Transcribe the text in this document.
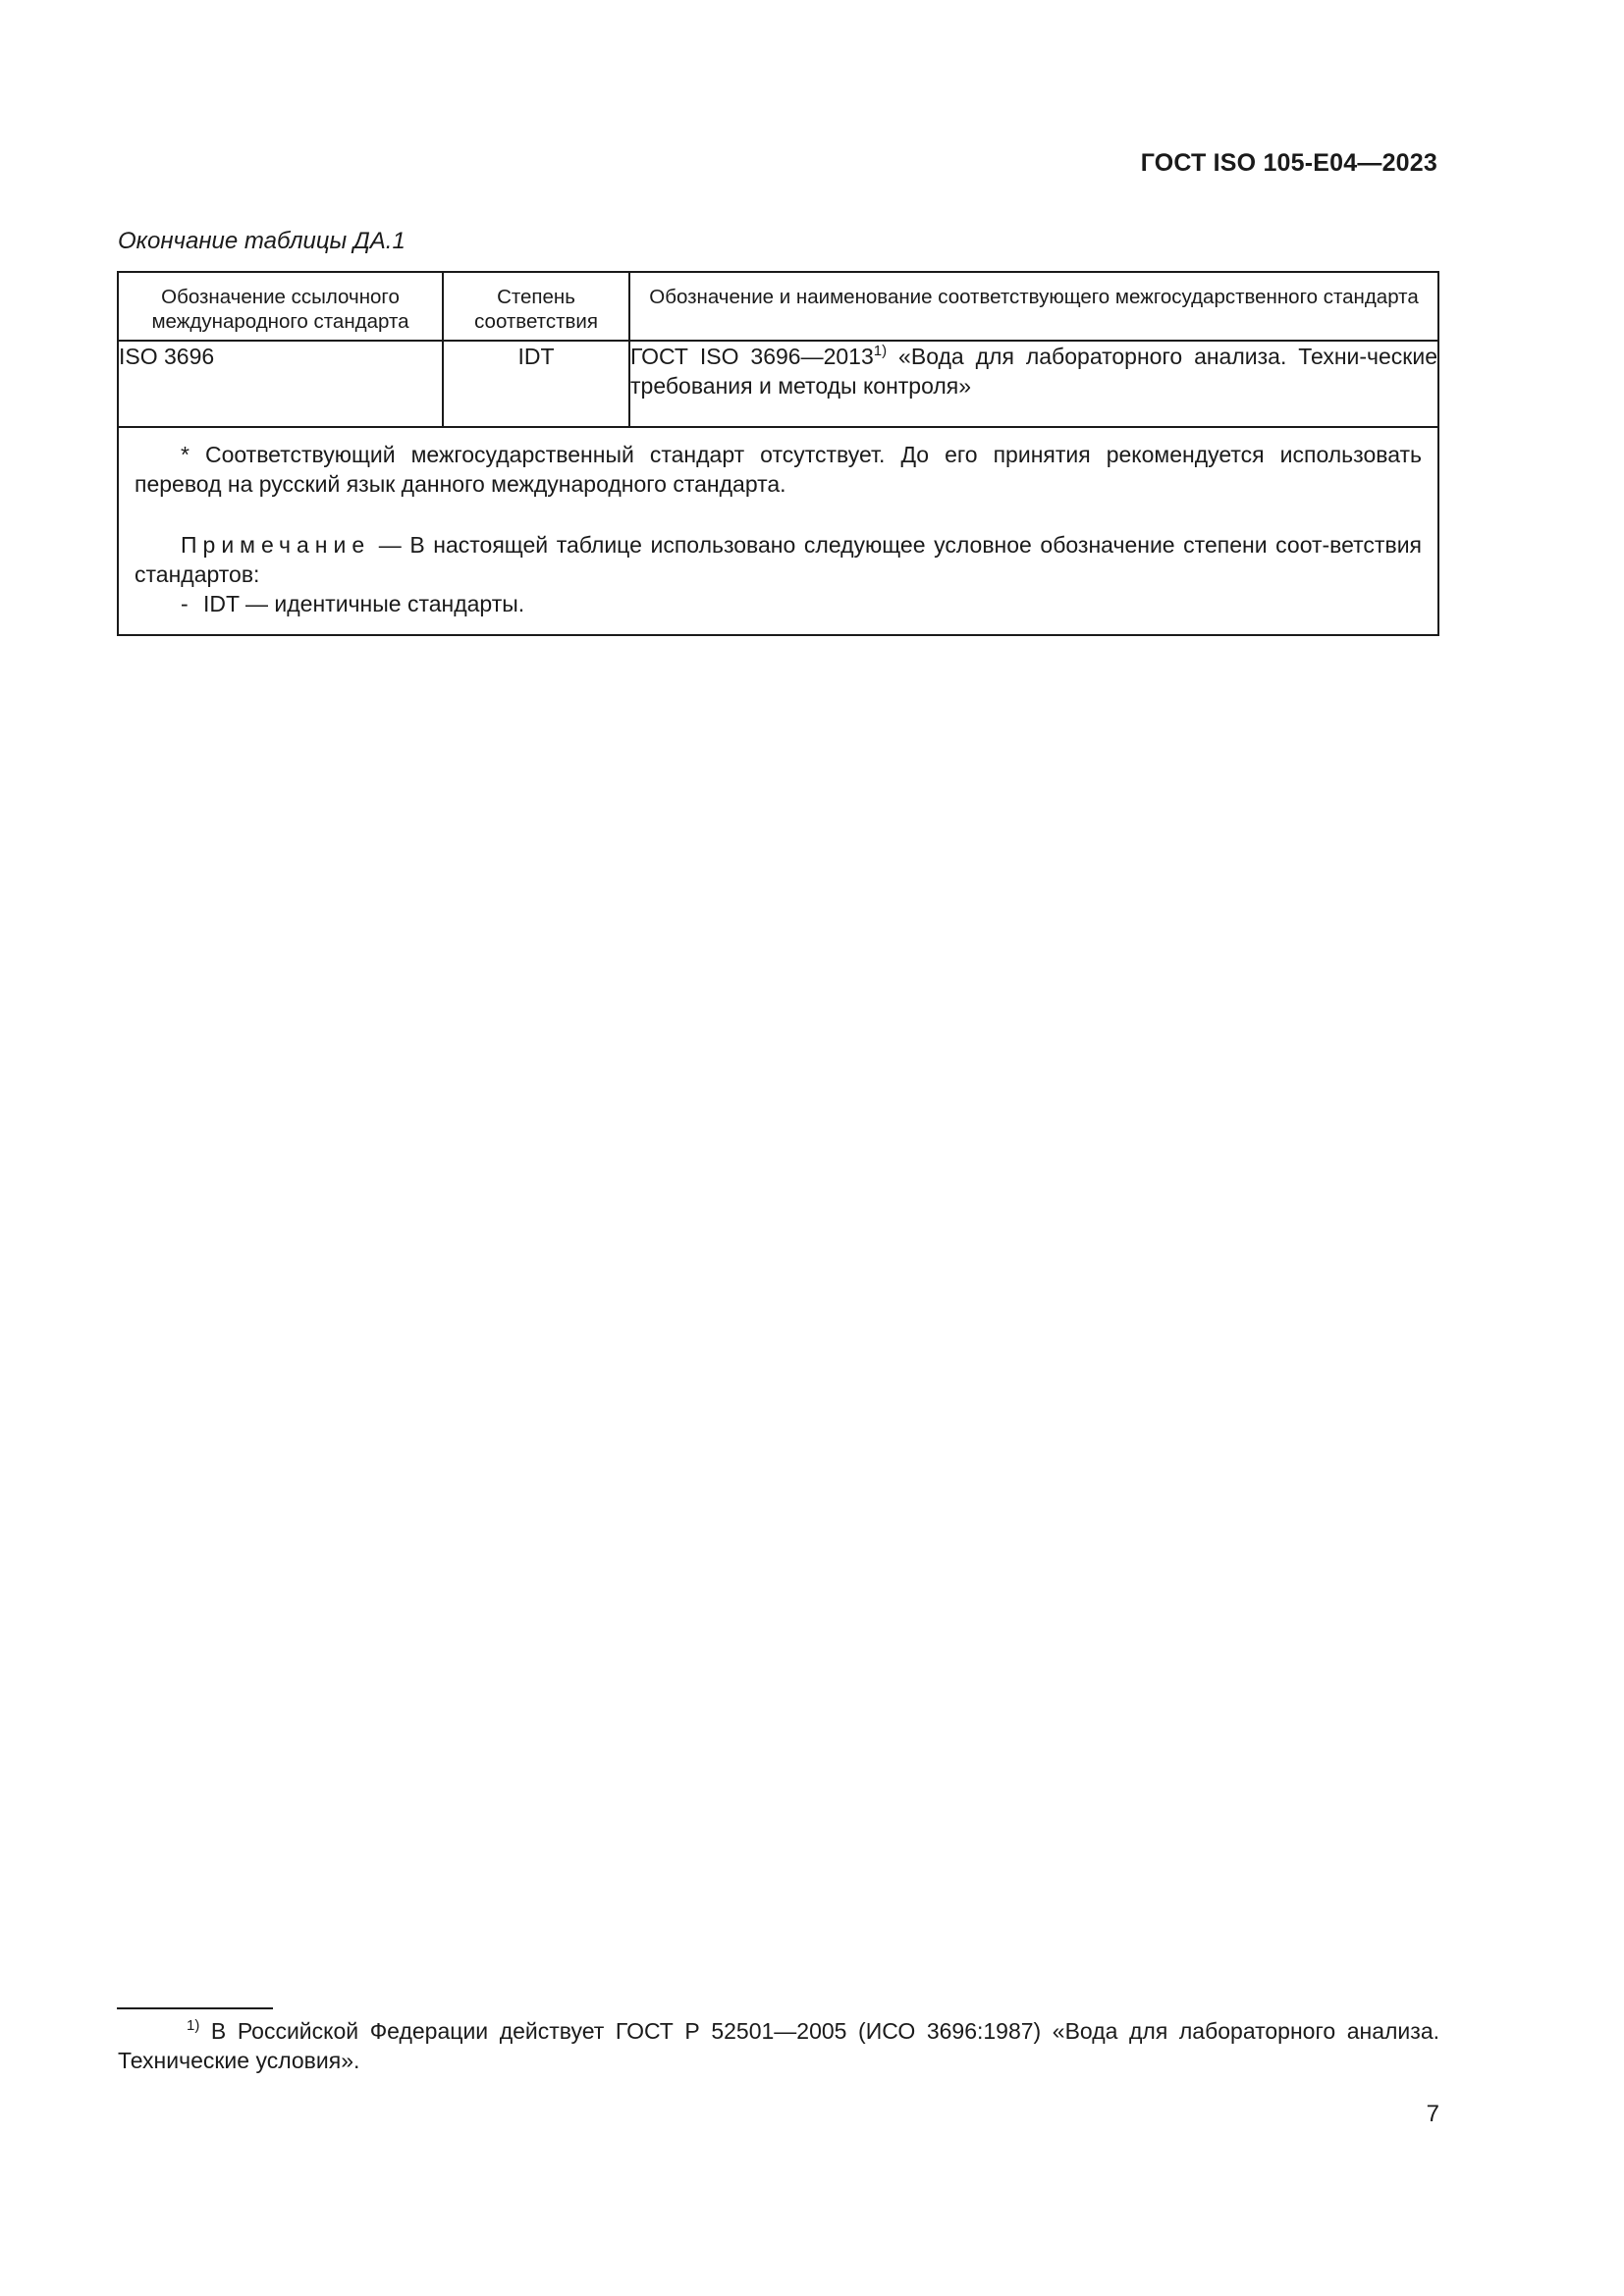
ГОСТ ISO 105-E04—2023
Окончание таблицы ДА.1
Обозначение ссылочного международного стандарта	Степень соответствия	Обозначение и наименование соответствующего межгосударственного стандарта
ISO 3696	IDT	ГОСТ ISO 3696—2013$^{1)}$ «Вода для лабораторного анализа. Техни-ческие требования и методы контроля»

* Соответствующий межгосударственный стандарт отсутствует. До его принятия рекомендуется использовать перевод на русский язык данного международного стандарта.

Примечание — В настоящей таблице использовано следующее условное обозначение степени соот-ветствия стандартов:

- IDT — идентичные стандарты.		

$^{1)}$ В Российской Федерации действует ГОСТ Р 52501—2005 (ИСО 3696:1987) «Вода для лабораторного анализа. Технические условия».
7
